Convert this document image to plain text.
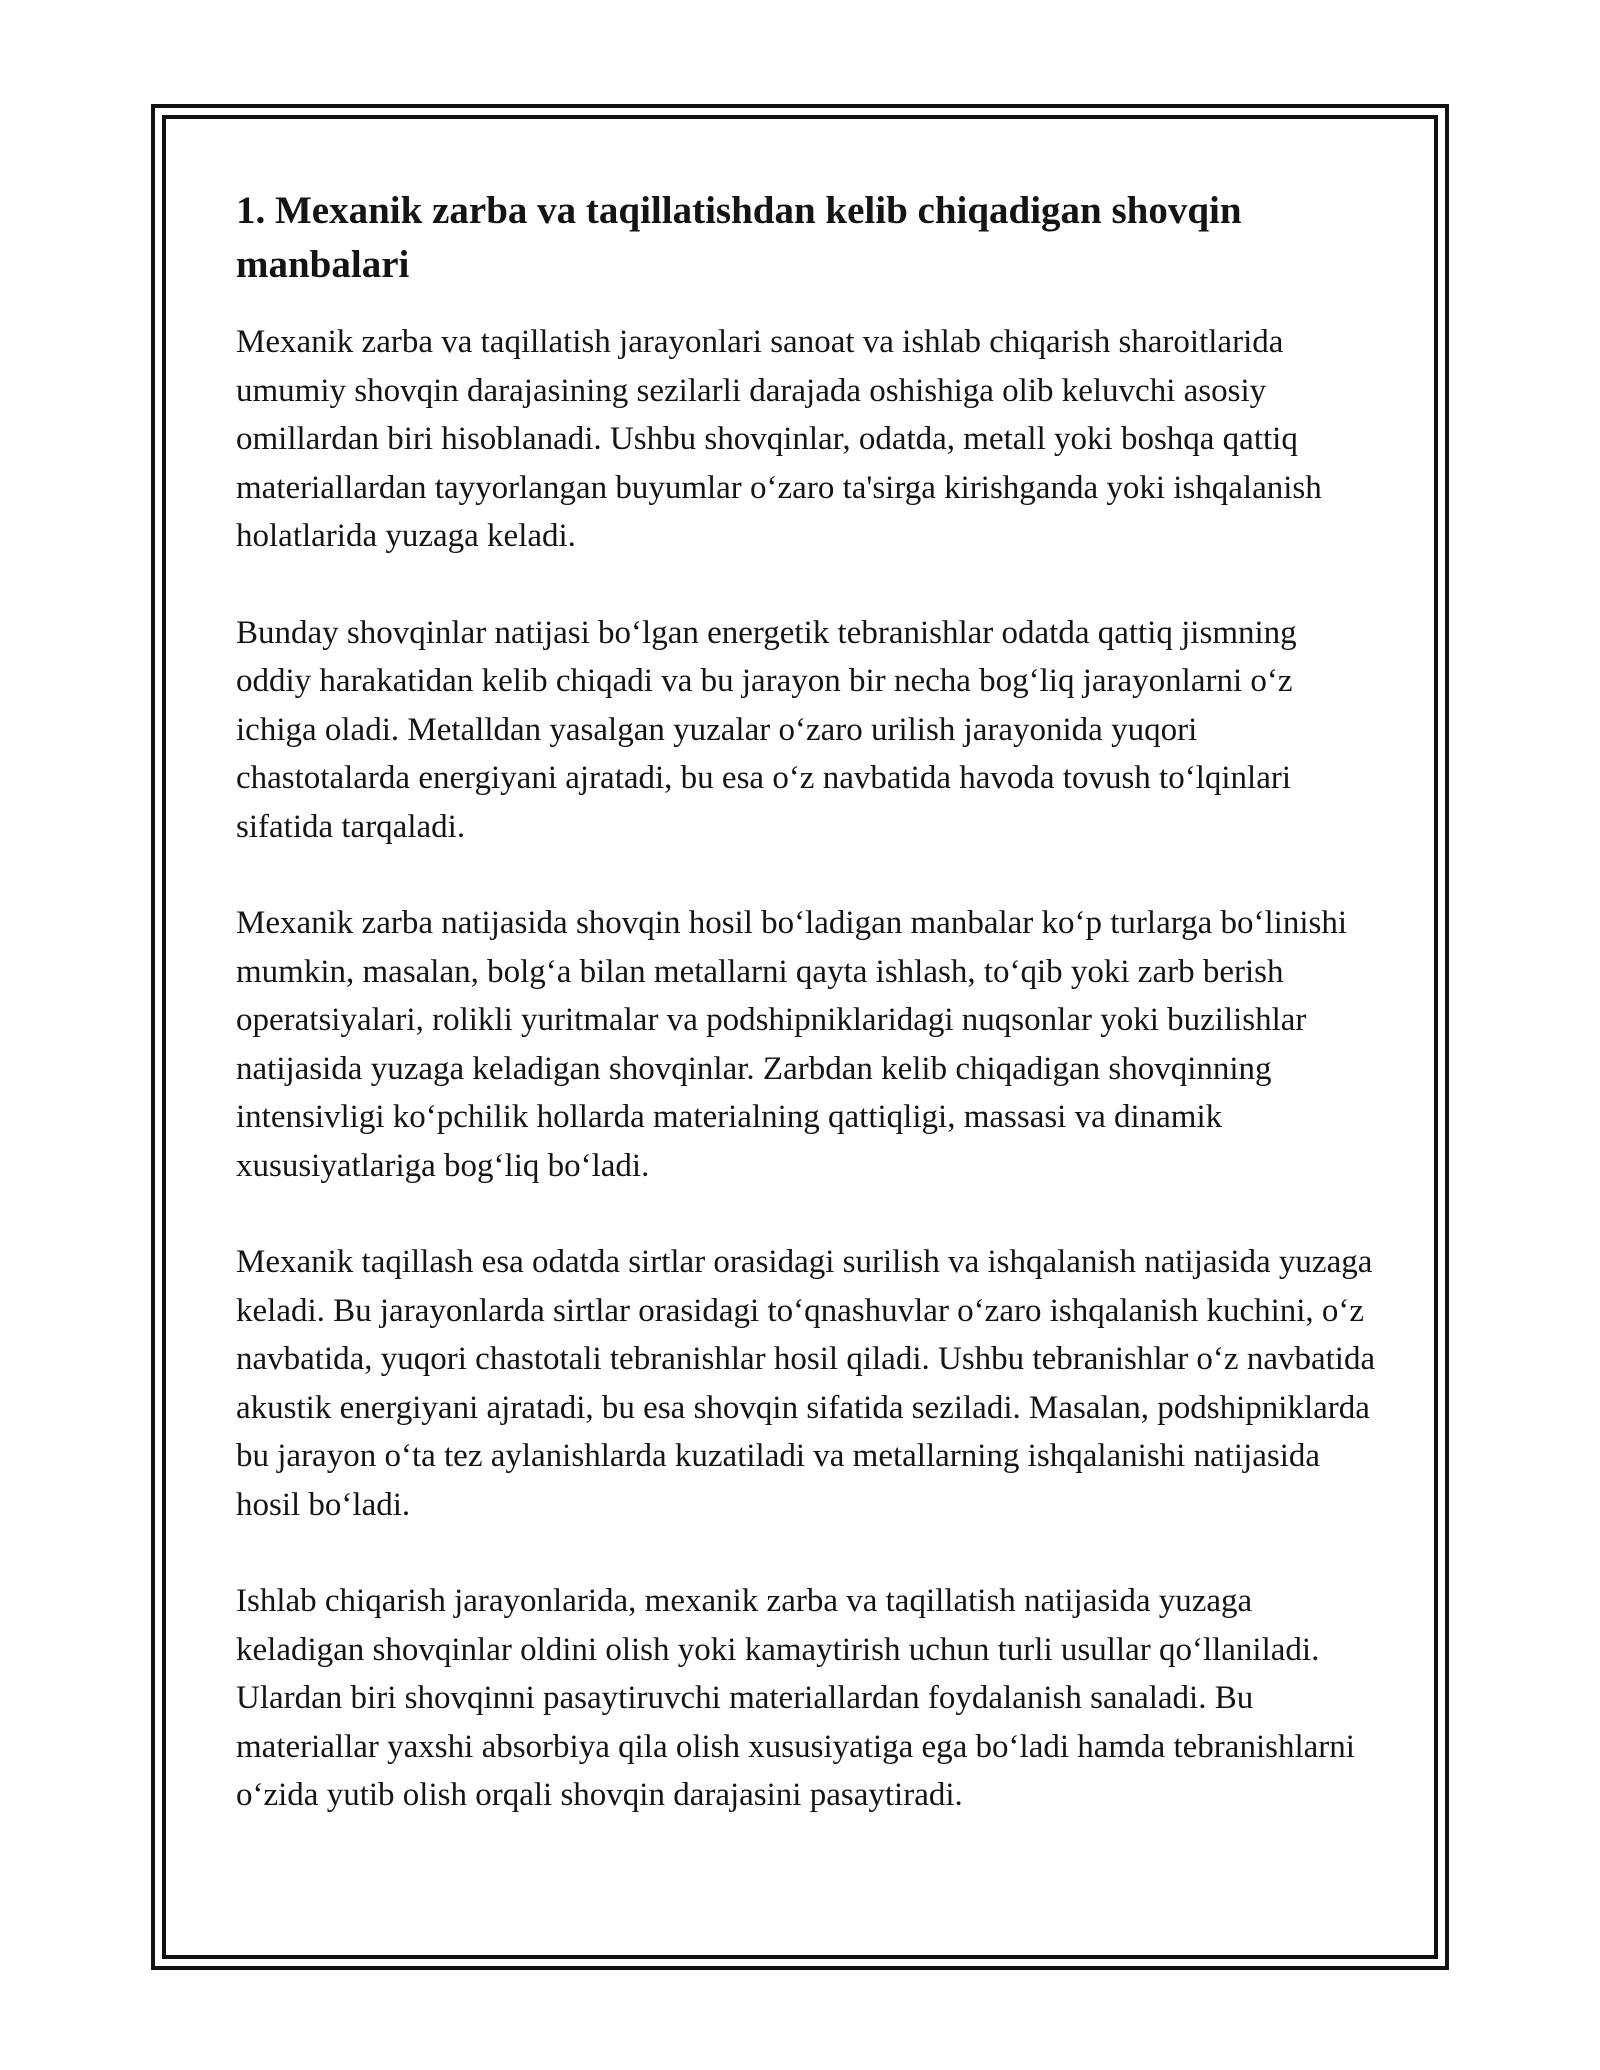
1. Mexanik zarba va taqillatishdan kelib chiqadigan shovqin manbalari

Mexanik zarba va taqillatish jarayonlari sanoat va ishlab chiqarish sharoitlarida umumiy shovqin darajasining sezilarli darajada oshishiga olib keluvchi asosiy omillardan biri hisoblanadi. Ushbu shovqinlar, odatda, metall yoki boshqa qattiq materiallardan tayyorlangan buyumlar o‘zaro ta'sirga kirishganda yoki ishqalanish holatlarida yuzaga keladi.

Bunday shovqinlar natijasi bo‘lgan energetik tebranishlar odatda qattiq jismning oddiy harakatidan kelib chiqadi va bu jarayon bir necha bog‘liq jarayonlarni o‘z ichiga oladi. Metalldan yasalgan yuzalar o‘zaro urilish jarayonida yuqori chastotalarda energiyani ajratadi, bu esa o‘z navbatida havoda tovush to‘lqinlari sifatida tarqaladi.

Mexanik zarba natijasida shovqin hosil bo‘ladigan manbalar ko‘p turlarga bo‘linishi mumkin, masalan, bolg‘a bilan metallarni qayta ishlash, to‘qib yoki zarb berish operatsiyalari, rolikli yuritmalar va podshipniklaridagi nuqsonlar yoki buzilishlar natijasida yuzaga keladigan shovqinlar. Zarbdan kelib chiqadigan shovqinning intensivligi ko‘pchilik hollarda materialning qattiqligi, massasi va dinamik xususiyatlariga bog‘liq bo‘ladi.

Mexanik taqillash esa odatda sirtlar orasidagi surilish va ishqalanish natijasida yuzaga keladi. Bu jarayonlarda sirtlar orasidagi to‘qnashuvlar o‘zaro ishqalanish kuchini, o‘z navbatida, yuqori chastotali tebranishlar hosil qiladi. Ushbu tebranishlar o‘z navbatida akustik energiyani ajratadi, bu esa shovqin sifatida seziladi. Masalan, podshipniklarda bu jarayon o‘ta tez aylanishlarda kuzatiladi va metallarning ishqalanishi natijasida hosil bo‘ladi.

Ishlab chiqarish jarayonlarida, mexanik zarba va taqillatish natijasida yuzaga keladigan shovqinlar oldini olish yoki kamaytirish uchun turli usullar qo‘llaniladi. Ulardan biri shovqinni pasaytiruvchi materiallardan foydalanish sanaladi. Bu materiallar yaxshi absorbiya qila olish xususiyatiga ega bo‘ladi hamda tebranishlarni o‘zida yutib olish orqali shovqin darajasini pasaytiradi.
